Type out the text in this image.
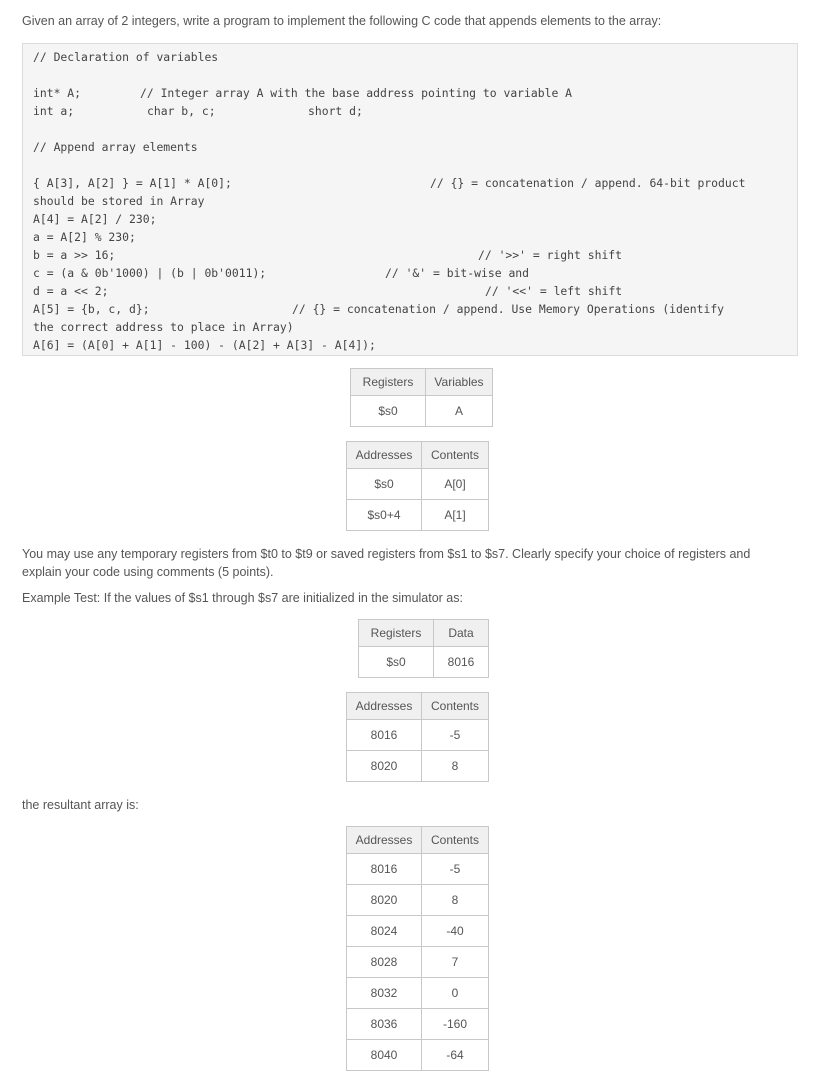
Given an array of 2 integers, write a program to implement the following C code that appends elements to the array:

// Declaration of variables
int* A;	// Integer array A with the base address pointing to variable A
int a;	char b, c;	short d;
// Append array elements
{ A[3], A[2] } = A[1] * A[0];	// {} = concatenation / append. 64-bit product
should be stored in Array
A[4] = A[2] / 230;
a = A[2] % 230;
b = a >> 16;	// '>>' = right shift
c = (a & 0b'1000) | (b | 0b'0011);	// '&' = bit-wise and
d = a << 2;	// '<<' = left shift
A[5] = {b, c, d};	// {} = concatenation / append. Use Memory Operations (identify
the correct address to place in Array)
A[6] = (A[0] + A[1] - 100) - (A[2] + A[3] - A[4]);
Registers	Variables
$s0	A
Addresses	Contents
$s0	A[0]
$s0+4	A[1]

You may use any temporary registers from $t0 to $t9 or saved registers from $s1 to $s7. Clearly specify your choice of registers and

explain your code using comments (5 points).

Example Test: If the values of $s1 through $s7 are initialized in the simulator as:

Registers	Data
$s0	8016
Addresses	Contents
8016	-5
8020	8

the resultant array is:

Addresses	Contents
8016	-5
8020	8
8024	-40
8028	7
8032	0
8036	-160
8040	-64
